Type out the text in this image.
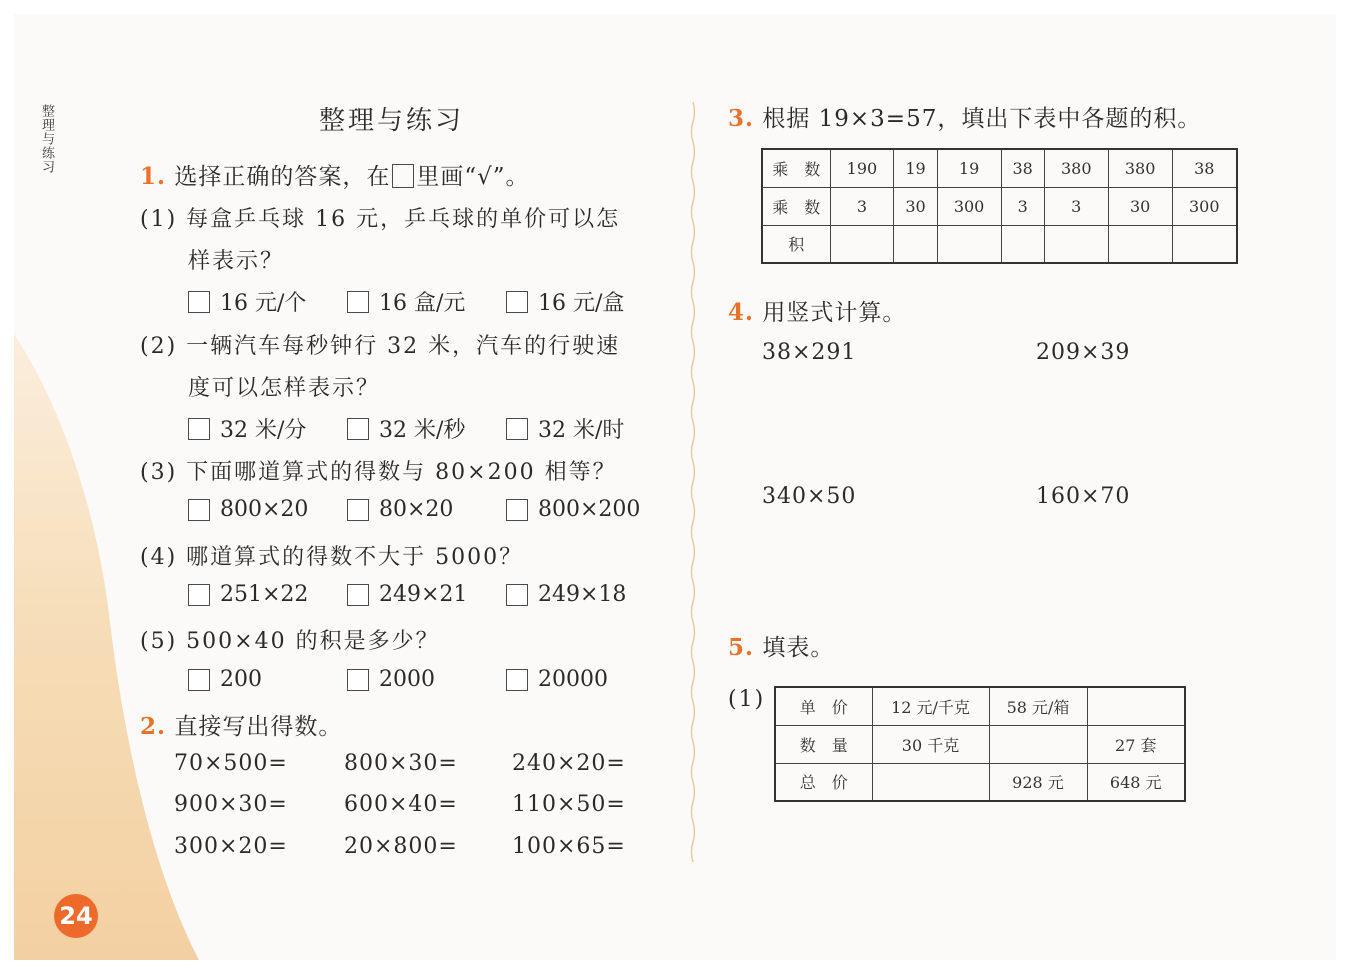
整理与练习	整理与练习
1. 选择正确的答案，在 里画“√”。
(1) 每盒乒乓球 16 元，乒乓球的单价可以怎
样表示？
16 元/个	16 盒/元	16 元/盒
(2) 一辆汽车每秒钟行 32 米，汽车的行驶速
度可以怎样表示？
32 米/分	32 米/秒	32 米/时
(3) 下面哪道算式的得数与 80×200 相等？
800×20	80×20	800×200
(4) 哪道算式的得数不大于 5000？
251×22	249×21	249×18
(5) 500×40 的积是多少？
200	2000	20000
2. 直接写出得数。
70×500=	800×30= 240×20=
900×30=	600×40= 110×50=
300×20=	20×800= 100×65=
24
3. 根据 19×3=57，填出下表中各题的积。
乘　数	190	19	19	38	380	380	38
乘　数	3	30	300	3	3	30	300
积							
4. 用竖式计算。
38×291	209×39
340×50	160×70
5. 填表。
(1) 单　价	12 元/千克	58 元/箱	
数　量	30 千克		27 套
总　价		928 元	648 元
